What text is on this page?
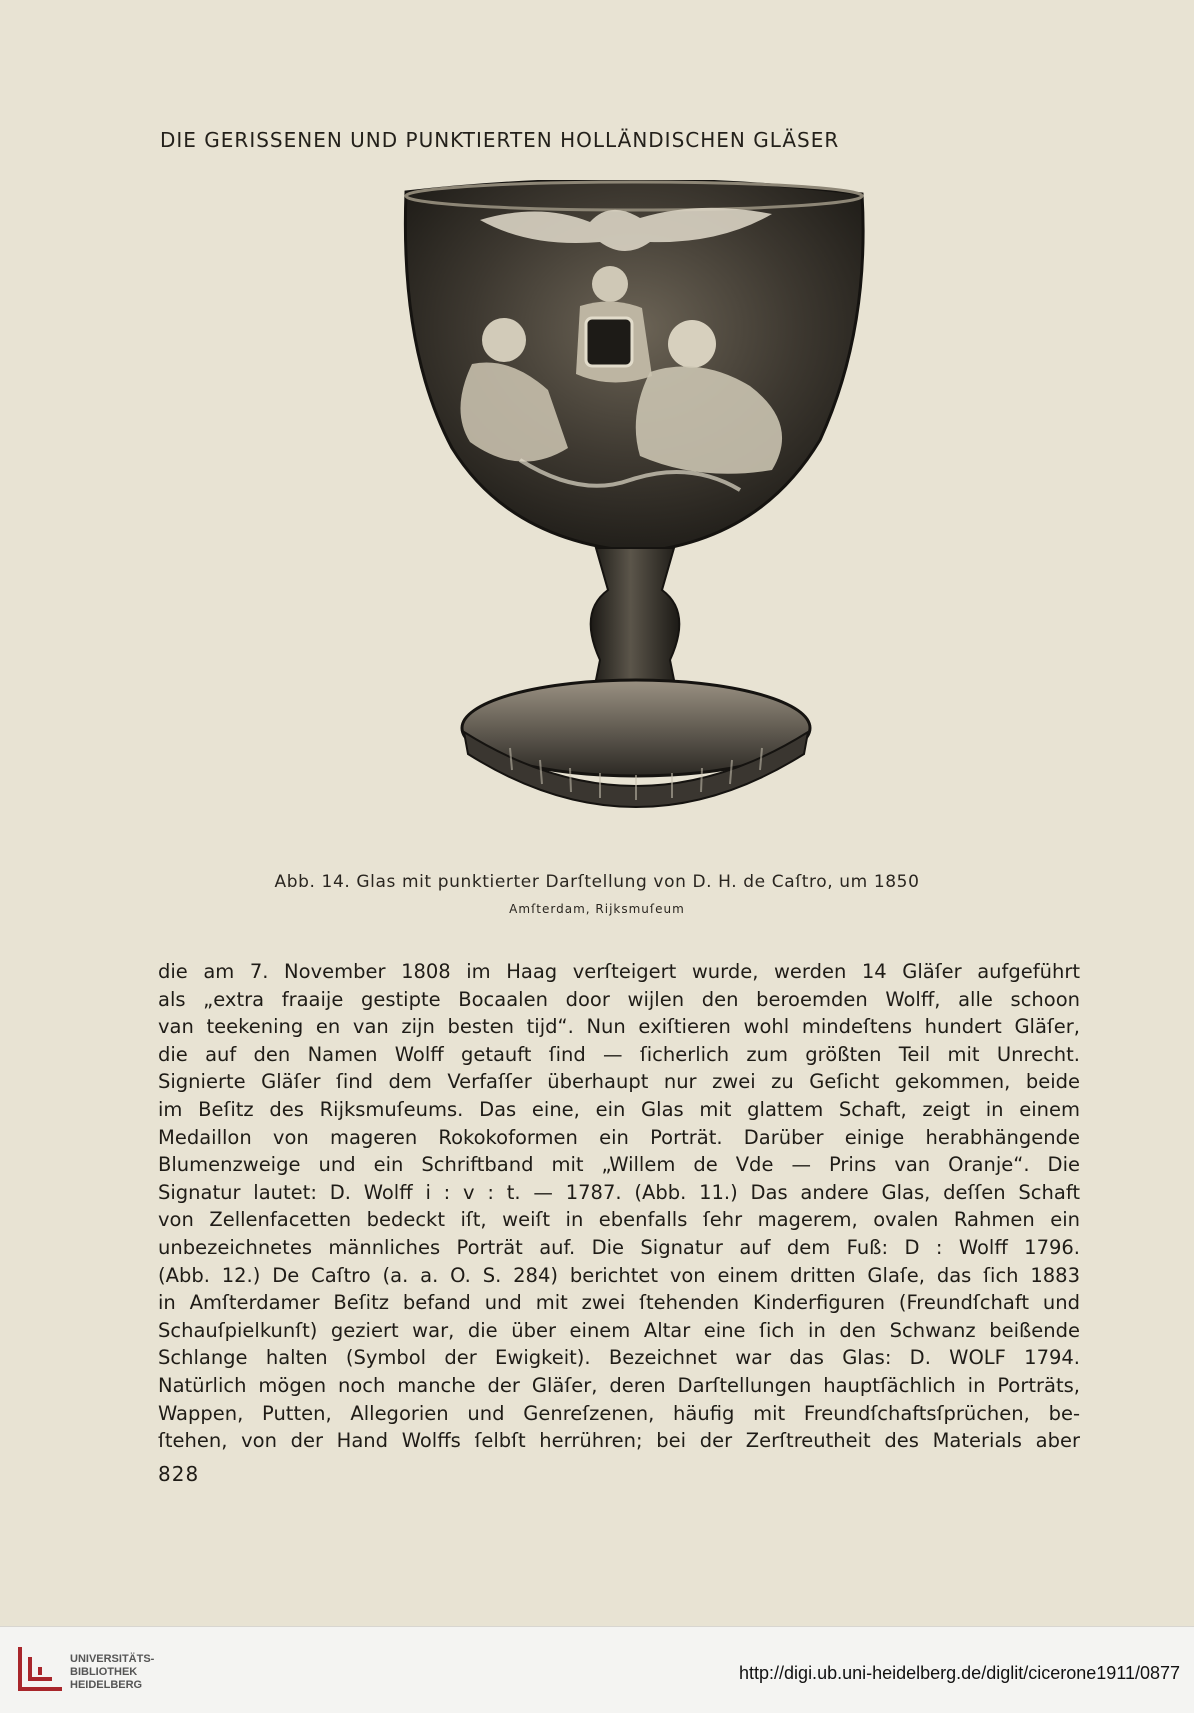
DIE GERISSENEN UND PUNKTIERTEN HOLLÄNDISCHEN GLÄSER
Abb. 14. Glas mit punktierter Darſtellung von D. H. de Caſtro, um 1850
Amſterdam, Rijksmuſeum
die am 7. November 1808 im Haag verſteigert wurde, werden 14 Gläſer aufgeführt
als „extra fraaije gestipte Bocaalen door wijlen den beroemden Wolff, alle schoon
van teekening en van zijn besten tijd“. Nun exiſtieren wohl mindeſtens hundert Gläſer,
die auf den Namen Wolff getauft ſind — ſicherlich zum größten Teil mit Unrecht.
Signierte Gläſer ſind dem Verfaſſer überhaupt nur zwei zu Geſicht gekommen, beide
im Beſitz des Rijksmuſeums. Das eine, ein Glas mit glattem Schaft, zeigt in einem
Medaillon von mageren Rokokoformen ein Porträt. Darüber einige herabhängende
Blumenzweige und ein Schriftband mit „Willem de Vde — Prins van Oranje“. Die
Signatur lautet: D. Wolff i : v : t. — 1787. (Abb. 11.) Das andere Glas, deſſen Schaft
von Zellenfacetten bedeckt iſt, weiſt in ebenfalls ſehr magerem, ovalen Rahmen ein
unbezeichnetes männliches Porträt auf. Die Signatur auf dem Fuß: D : Wolff 1796.
(Abb. 12.) De Caſtro (a. a. O. S. 284) berichtet von einem dritten Glaſe, das ſich 1883
in Amſterdamer Beſitz befand und mit zwei ſtehenden Kinderfiguren (Freundſchaft und
Schauſpielkunſt) geziert war, die über einem Altar eine ſich in den Schwanz beißende
Schlange halten (Symbol der Ewigkeit). Bezeichnet war das Glas: D. WOLF 1794.
Natürlich mögen noch manche der Gläſer, deren Darſtellungen hauptſächlich in Porträts,
Wappen, Putten, Allegorien und Genreſzenen, häufig mit Freundſchaftsſprüchen, be-
ſtehen, von der Hand Wolffs ſelbſt herrühren; bei der Zerſtreutheit des Materials aber
828
UNIVERSITÄTS-
BIBLIOTHEK
HEIDELBERG
http://digi.ub.uni-heidelberg.de/diglit/cicerone1911/0877
